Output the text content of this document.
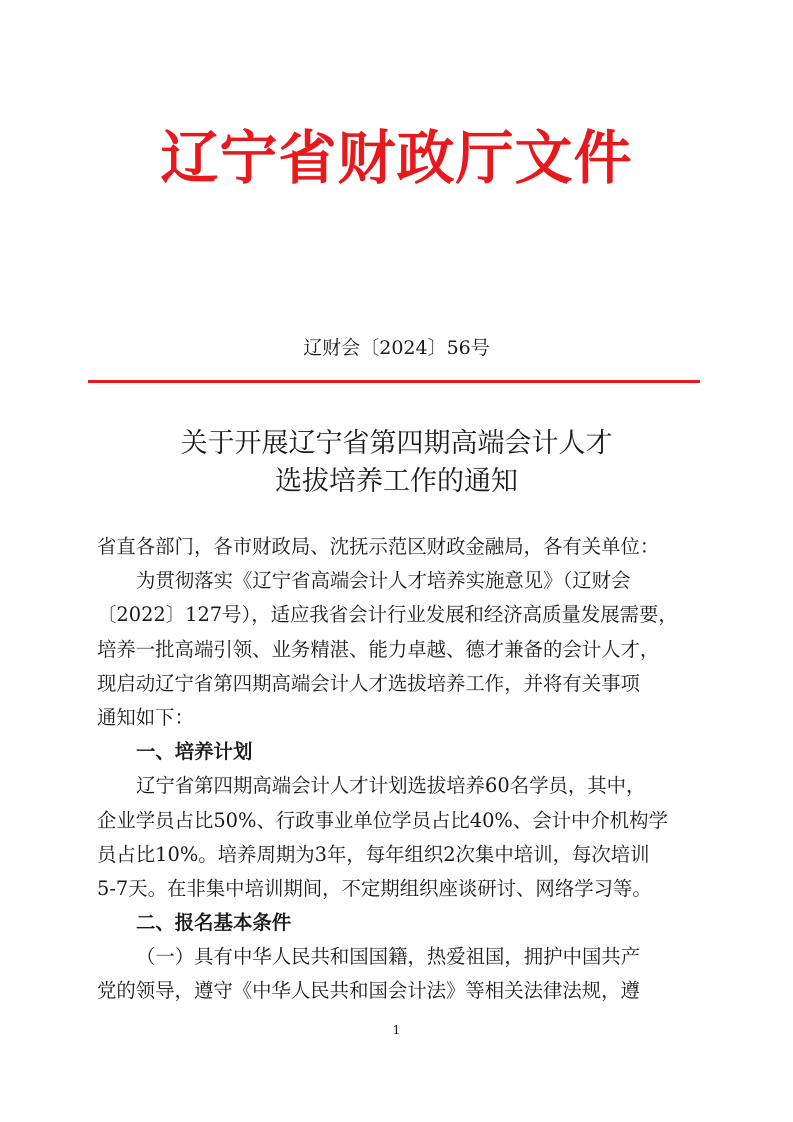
辽宁省财政厅文件
辽财会〔2024〕56号
关于开展辽宁省第四期高端会计人才
选拔培养工作的通知
省直各部门，各市财政局、沈抚示范区财政金融局，各有关单位：
为贯彻落实《辽宁省高端会计人才培养实施意见》（辽财会
〔2022〕127号），适应我省会计行业发展和经济高质量发展需要，
培养一批高端引领、业务精湛、能力卓越、德才兼备的会计人才，
现启动辽宁省第四期高端会计人才选拔培养工作，并将有关事项
通知如下：
一、培养计划
辽宁省第四期高端会计人才计划选拔培养60名学员，其中，
企业学员占比50%、行政事业单位学员占比40%、会计中介机构学
员占比10%。培养周期为3年，每年组织2次集中培训，每次培训
5-7天。在非集中培训期间，不定期组织座谈研讨、网络学习等。
二、报名基本条件
（一）具有中华人民共和国国籍，热爱祖国，拥护中国共产
党的领导，遵守《中华人民共和国会计法》等相关法律法规，遵
1
